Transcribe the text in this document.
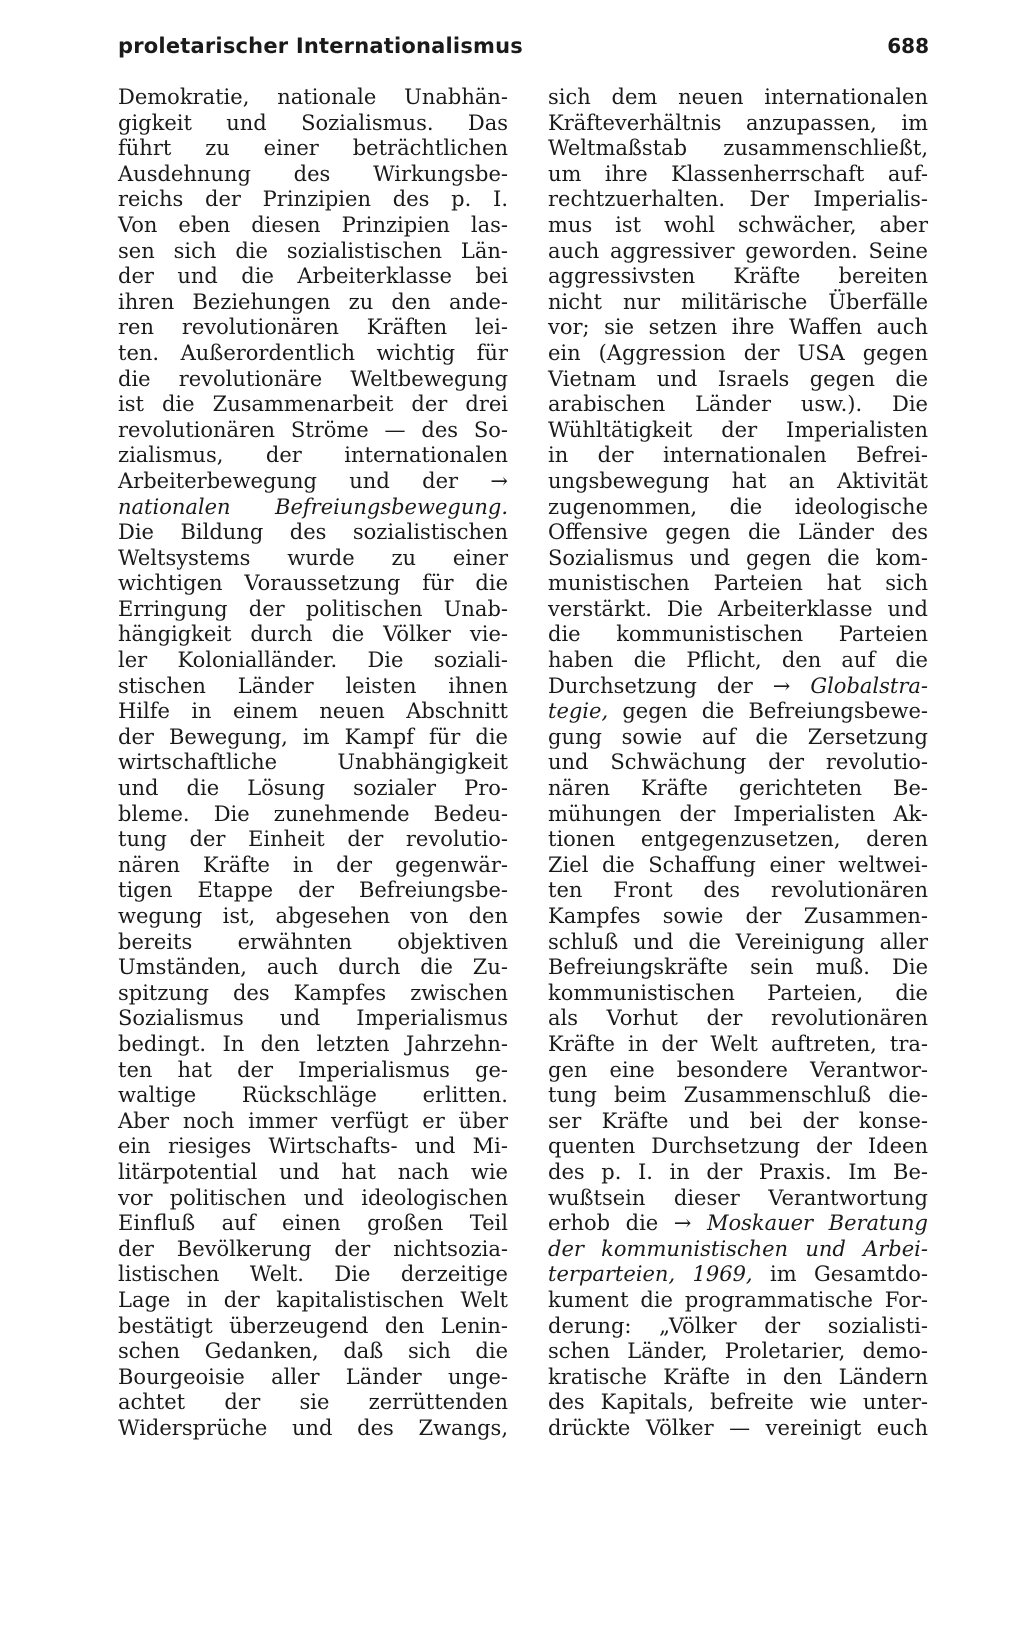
proletarischer Internationalismus	688
Demokratie, nationale Unabhän-
gigkeit und Sozialismus. Das
führt zu einer beträchtlichen
Ausdehnung des Wirkungsbe-
reichs der Prinzipien des p. I.
Von eben diesen Prinzipien las-
sen sich die sozialistischen Län-
der und die Arbeiterklasse bei
ihren Beziehungen zu den ande-
ren revolutionären Kräften lei-
ten. Außerordentlich wichtig für
die revolutionäre Weltbewegung
ist die Zusammenarbeit der drei
revolutionären Ströme — des So-
zialismus, der internationalen
Arbeiterbewegung und der →
nationalen Befreiungsbewegung.
Die Bildung des sozialistischen
Weltsystems wurde zu einer
wichtigen Voraussetzung für die
Erringung der politischen Unab-
hängigkeit durch die Völker vie-
ler Kolonialländer. Die soziali-
stischen Länder leisten ihnen
Hilfe in einem neuen Abschnitt
der Bewegung, im Kampf für die
wirtschaftliche Unabhängigkeit
und die Lösung sozialer Pro-
bleme. Die zunehmende Bedeu-
tung der Einheit der revolutio-
nären Kräfte in der gegenwär-
tigen Etappe der Befreiungsbe-
wegung ist, abgesehen von den
bereits erwähnten objektiven
Umständen, auch durch die Zu-
spitzung des Kampfes zwischen
Sozialismus und Imperialismus
bedingt. In den letzten Jahrzehn-
ten hat der Imperialismus ge-
waltige Rückschläge erlitten.
Aber noch immer verfügt er über
ein riesiges Wirtschafts- und Mi-
litärpotential und hat nach wie
vor politischen und ideologischen
Einfluß auf einen großen Teil
der Bevölkerung der nichtsozia-
listischen Welt. Die derzeitige
Lage in der kapitalistischen Welt
bestätigt überzeugend den Lenin-
schen Gedanken, daß sich die
Bourgeoisie aller Länder unge-
achtet der sie zerrüttenden
Widersprüche und des Zwangs,
sich dem neuen internationalen
Kräfteverhältnis anzupassen, im
Weltmaßstab zusammenschließt,
um ihre Klassenherrschaft auf-
rechtzuerhalten. Der Imperialis-
mus ist wohl schwächer, aber
auch aggressiver geworden. Seine
aggressivsten Kräfte bereiten
nicht nur militärische Überfälle
vor; sie setzen ihre Waffen auch
ein (Aggression der USA gegen
Vietnam und Israels gegen die
arabischen Länder usw.). Die
Wühltätigkeit der Imperialisten
in der internationalen Befrei-
ungsbewegung hat an Aktivität
zugenommen, die ideologische
Offensive gegen die Länder des
Sozialismus und gegen die kom-
munistischen Parteien hat sich
verstärkt. Die Arbeiterklasse und
die kommunistischen Parteien
haben die Pflicht, den auf die
Durchsetzung der → Globalstra-
tegie, gegen die Befreiungsbewe-
gung sowie auf die Zersetzung
und Schwächung der revolutio-
nären Kräfte gerichteten Be-
mühungen der Imperialisten Ak-
tionen entgegenzusetzen, deren
Ziel die Schaffung einer weltwei-
ten Front des revolutionären
Kampfes sowie der Zusammen-
schluß und die Vereinigung aller
Befreiungskräfte sein muß. Die
kommunistischen Parteien, die
als Vorhut der revolutionären
Kräfte in der Welt auftreten, tra-
gen eine besondere Verantwor-
tung beim Zusammenschluß die-
ser Kräfte und bei der konse-
quenten Durchsetzung der Ideen
des p. I. in der Praxis. Im Be-
wußtsein dieser Verantwortung
erhob die → Moskauer Beratung
der kommunistischen und Arbei-
terparteien, 1969, im Gesamtdo-
kument die programmatische For-
derung: „Völker der sozialisti-
schen Länder, Proletarier, demo-
kratische Kräfte in den Ländern
des Kapitals, befreite wie unter-
drückte Völker — vereinigt euch
